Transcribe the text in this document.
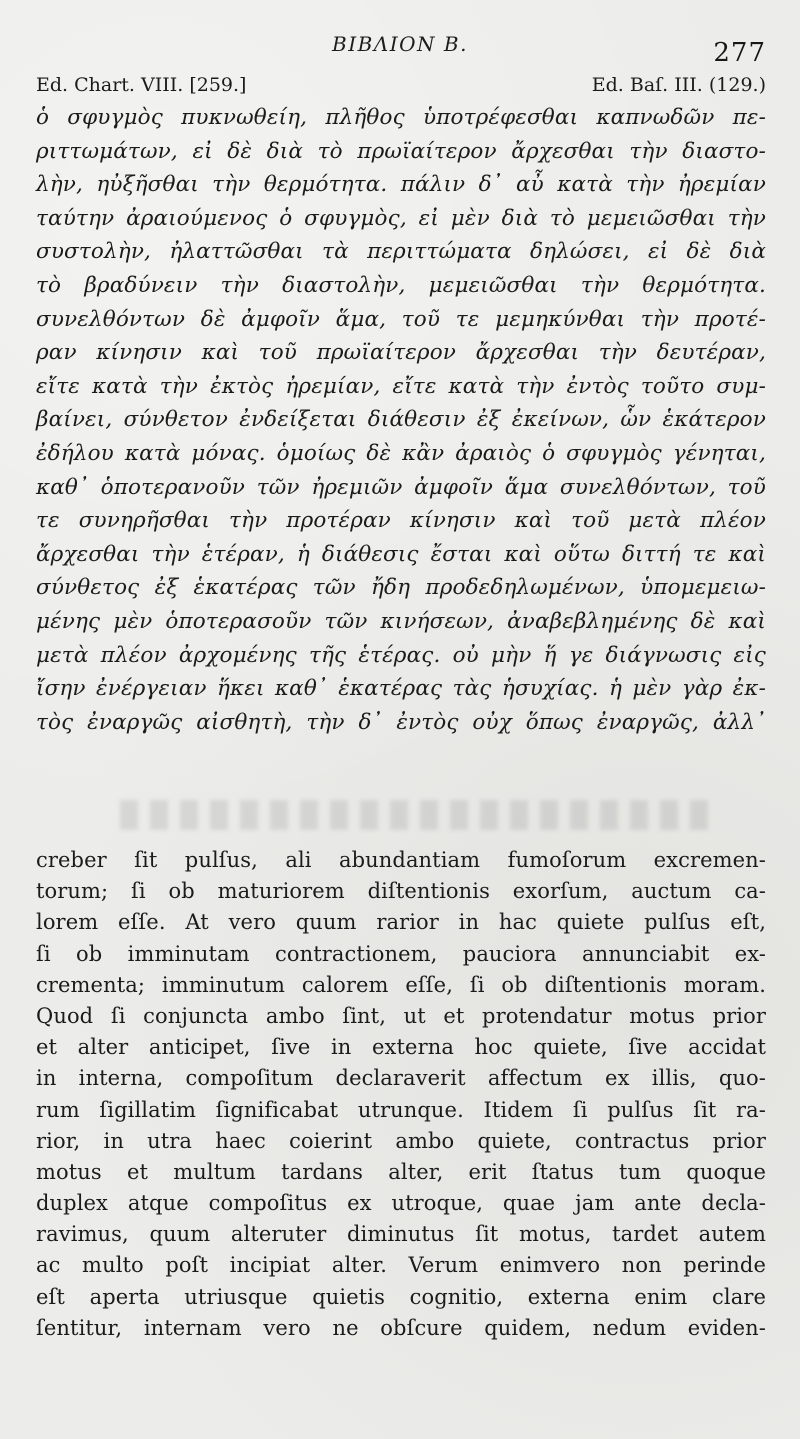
ΒΙΒΛΙΟΝ Β.	277
Ed. Chart. VIII. [259.]	Ed. Baſ. III. (129.)
ὁ σφυγμὸς πυκνωθείη, πλῆθος ὑποτρέφεσθαι καπνωδῶν πε-
ριττωμάτων, εἰ δὲ διὰ τὸ πρωϊαίτερον ἄρχεσθαι τὴν διαστο-
λὴν, ηὐξῆσθαι τὴν θερμότητα. πάλιν δ᾽ αὖ κατὰ τὴν ἠρεμίαν
ταύτην ἀραιούμενος ὁ σφυγμὸς, εἰ μὲν διὰ τὸ μεμειῶσθαι τὴν
συστολὴν, ἠλαττῶσθαι τὰ περιττώματα δηλώσει, εἰ δὲ διὰ
τὸ βραδύνειν τὴν διαστολὴν, μεμειῶσθαι τὴν θερμότητα.
συνελθόντων δὲ ἀμφοῖν ἅμα, τοῦ τε μεμηκύνθαι τὴν προτέ-
ραν κίνησιν καὶ τοῦ πρωϊαίτερον ἄρχεσθαι τὴν δευτέραν,
εἴτε κατὰ τὴν ἐκτὸς ἠρεμίαν, εἴτε κατὰ τὴν ἐντὸς τοῦτο συμ-
βαίνει, σύνθετον ἐνδείξεται διάθεσιν ἐξ ἐκείνων, ὧν ἑκάτερον
ἐδήλου κατὰ μόνας. ὁμοίως δὲ κἂν ἀραιὸς ὁ σφυγμὸς γένηται,
καθ᾽ ὁποτερανοῦν τῶν ἠρεμιῶν ἀμφοῖν ἅμα συνελθόντων, τοῦ
τε συνηρῆσθαι τὴν προτέραν κίνησιν καὶ τοῦ μετὰ πλέον
ἄρχεσθαι τὴν ἑτέραν, ἡ διάθεσις ἔσται καὶ οὕτω διττή τε καὶ
σύνθετος ἐξ ἑκατέρας τῶν ἤδη προδεδηλωμένων, ὑπομεμειω-
μένης μὲν ὁποτερασοῦν τῶν κινήσεων, ἀναβεβλημένης δὲ καὶ
μετὰ πλέον ἀρχομένης τῆς ἑτέρας. οὐ μὴν ἥ γε διάγνωσις εἰς
ἴσην ἐνέργειαν ἥκει καθ᾽ ἑκατέρας τὰς ἡσυχίας. ἡ μὲν γὰρ ἐκ-
τὸς ἐναργῶς αἰσθητὴ, τὴν δ᾽ ἐντὸς οὐχ ὅπως ἐναργῶς, ἀλλ᾽
creber ſit pulſus, ali abundantiam fumoſorum excremen-
torum; ſi ob maturiorem diſtentionis exorſum, auctum ca-
lorem eſſe. At vero quum rarior in hac quiete pulſus eſt,
ſi ob imminutam contractionem, pauciora annunciabit ex-
crementa; imminutum calorem eſſe, ſi ob diſtentionis moram.
Quod ſi conjuncta ambo ſint, ut et protendatur motus prior
et alter anticipet, ſive in externa hoc quiete, ſive accidat
in interna, compoſitum declaraverit affectum ex illis, quo-
rum ſigillatim ſignificabat utrunque. Itidem ſi pulſus ſit ra-
rior, in utra haec coierint ambo quiete, contractus prior
motus et multum tardans alter, erit ſtatus tum quoque
duplex atque compoſitus ex utroque, quae jam ante decla-
ravimus, quum alteruter diminutus ſit motus, tardet autem
ac multo poſt incipiat alter. Verum enimvero non perinde
eſt aperta utriusque quietis cognitio, externa enim clare
ſentitur, internam vero ne obſcure quidem, nedum eviden-
